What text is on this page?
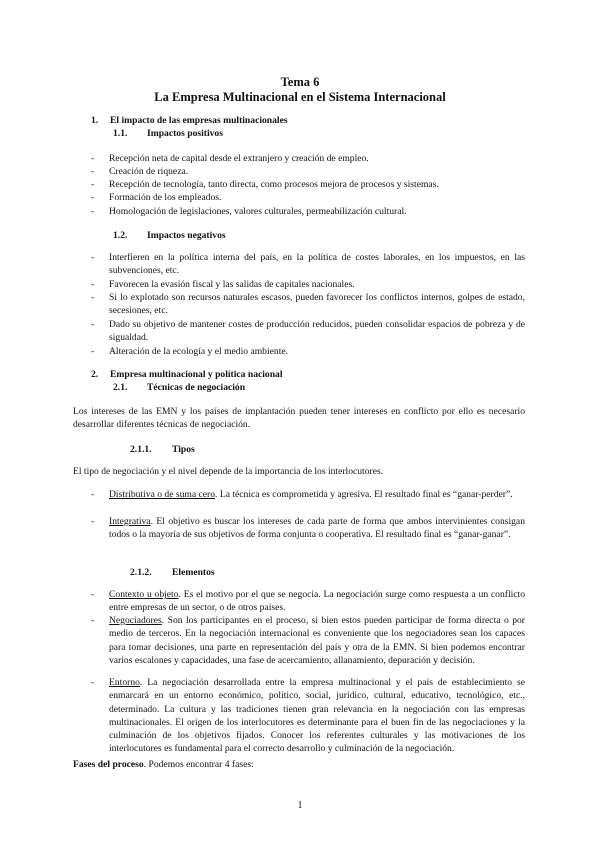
Tema 6
La Empresa Multinacional en el Sistema Internacional
1. El impacto de las empresas multinacionales
1.1. Impactos positivos
- Recepción neta de capital desde el extranjero y creación de empleo.
- Creación de riqueza.
- Recepción de tecnología, tanto directa, como procesos mejora de procesos y sistemas.
- Formación de los empleados.
- Homologación de legislaciones, valores culturales, permeabilización cultural.
1.2. Impactos negativos
- Interfieren en la política interna del país, en la política de costes laborales, en los impuestos, en las subvenciones, etc.
- Favorecen la evasión fiscal y las salidas de capitales nacionales.
- Si lo explotado son recursos naturales escasos, pueden favorecer los conflictos internos, golpes de estado, secesiones, etc.
- Dado su objetivo de mantener costes de producción reducidos, pueden consolidar espacios de pobreza y de sigualdad.
- Alteración de la ecología y el medio ambiente.
2. Empresa multinacional y política nacional
2.1. Técnicas de negociación
Los intereses de las EMN y los países de implantación pueden tener intereses en conflicto por ello es necesario desarrollar diferentes técnicas de negociación.
2.1.1. Tipos
El tipo de negociación y el nivel depende de la importancia de los interlocutores.
- Distributiva o de suma cero. La técnica es comprometida y agresiva. El resultado final es “ganar-perder”.
- Integrativa. El objetivo es buscar los intereses de cada parte de forma que ambos intervinientes consigan todos o la mayoría de sus objetivos de forma conjunta o cooperativa. El resultado final es “ganar-ganar”.
2.1.2. Elementos
- Contexto u objeto. Es el motivo por el que se negocia. La negociación surge como respuesta a un conflicto entre empresas de un sector, o de otros países.
- Negociadores. Son los participantes en el proceso, si bien estos pueden participar de forma directa o por medio de terceros. En la negociación internacional es conveniente que los negociadores sean los capaces para tomar decisiones, una parte en representación del país y otra de la EMN. Si bien podemos encontrar varios escalones y capacidades, una fase de acercamiento, allanamiento, depuración y decisión.
- Entorno. La negociación desarrollada entre la empresa multinacional y el país de establecimiento se enmarcará en un entorno económico, político, social, jurídico, cultural, educativo, tecnológico, etc., determinado. La cultura y las tradiciones tienen gran relevancia en la negociación con las empresas multinacionales. El origen de los interlocutores es determinante para el buen fin de las negociaciones y la culminación de los objetivos fijados. Conocer los referentes culturales y las motivaciones de los interlocutores es fundamental para el correcto desarrollo y culminación de la negociación.
Fases del proceso. Podemos encontrar 4 fases:
1
